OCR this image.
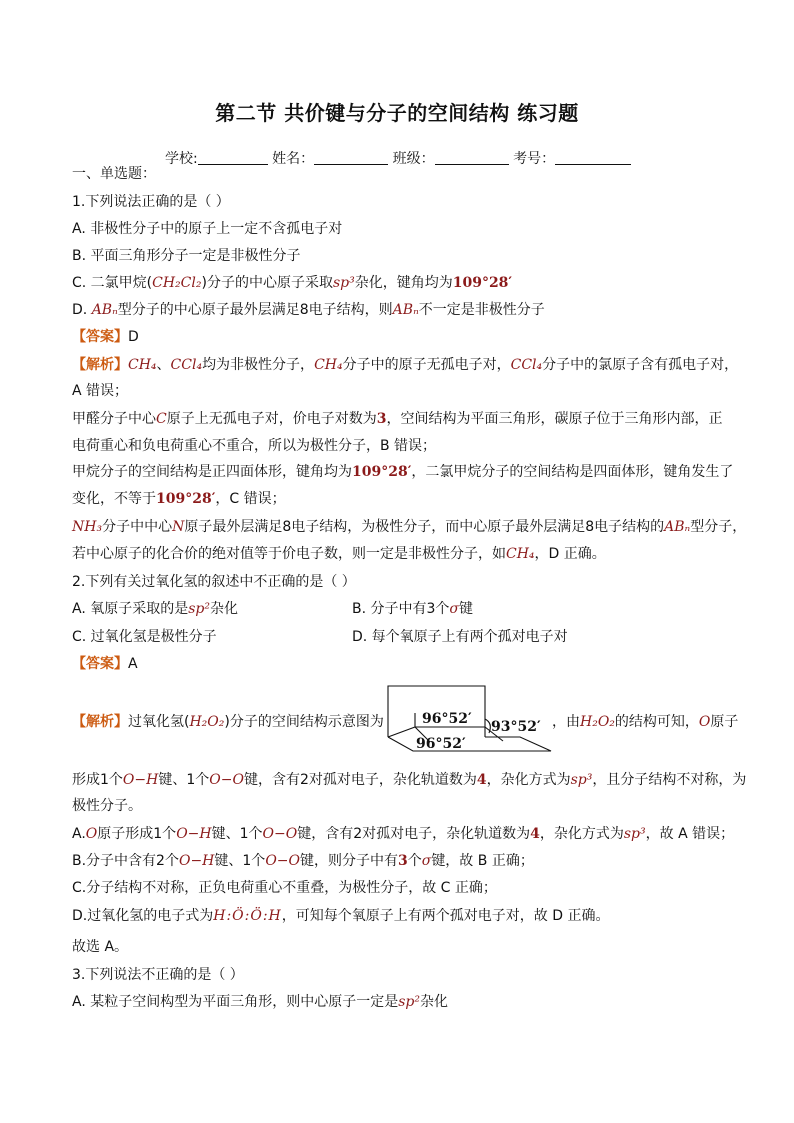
第二节 共价键与分子的空间结构 练习题
学校:	姓名：	班级：	考号：
一、单选题：
1.下列说法正确的是（ ）
A. 非极性分子中的原子上一定不含孤电子对
B. 平面三角形分子一定是非极性分子
C. 二氯甲烷(CH₂Cl₂)分子的中心原子采取sp³杂化，键角均为109°28′
D. ABₙ型分子的中心原子最外层满足8电子结构，则ABₙ不一定是非极性分子
【答案】D
【解析】CH₄、CCl₄均为非极性分子，CH₄分子中的原子无孤电子对，CCl₄分子中的氯原子含有孤电子对，
A 错误；
甲醛分子中心C原子上无孤电子对，价电子对数为3，空间结构为平面三角形，碳原子位于三角形内部，正
电荷重心和负电荷重心不重合，所以为极性分子，B 错误；
甲烷分子的空间结构是正四面体形，键角均为109°28′，二氯甲烷分子的空间结构是四面体形，键角发生了
变化，不等于109°28′，C 错误；
NH₃分子中中心N原子最外层满足8电子结构，为极性分子，而中心原子最外层满足8电子结构的ABₙ型分子，
若中心原子的化合价的绝对值等于价电子数，则一定是非极性分子，如CH₄，D 正确。
2.下列有关过氧化氢的叙述中不正确的是（ ）
A. 氧原子采取的是sp²杂化	B. 分子中有3个σ键
C. 过氧化氢是极性分子	D. 每个氧原子上有两个孤对电子对
【答案】A
【解析】过氧化氢(H₂O₂)分子的空间结构示意图为	，由H₂O₂的结构可知，O原子
96°52′ 93°52′
96°52′
形成1个O−H键、1个O−O键，含有2对孤对电子，杂化轨道数为4，杂化方式为sp³，且分子结构不对称，为
极性分子。
A.O原子形成1个O−H键、1个O−O键，含有2对孤对电子，杂化轨道数为4，杂化方式为sp³，故 A 错误；
B.分子中含有2个O−H键、1个O−O键，则分子中有3个σ键，故 B 正确；
C.分子结构不对称，正负电荷重心不重叠，为极性分子，故 C 正确；
D.过氧化氢的电子式为H:Ö:Ö:H，可知每个氧原子上有两个孤对电子对，故 D 正确。
故选 A。
3.下列说法不正确的是（ ）
A. 某粒子空间构型为平面三角形，则中心原子一定是sp²杂化
